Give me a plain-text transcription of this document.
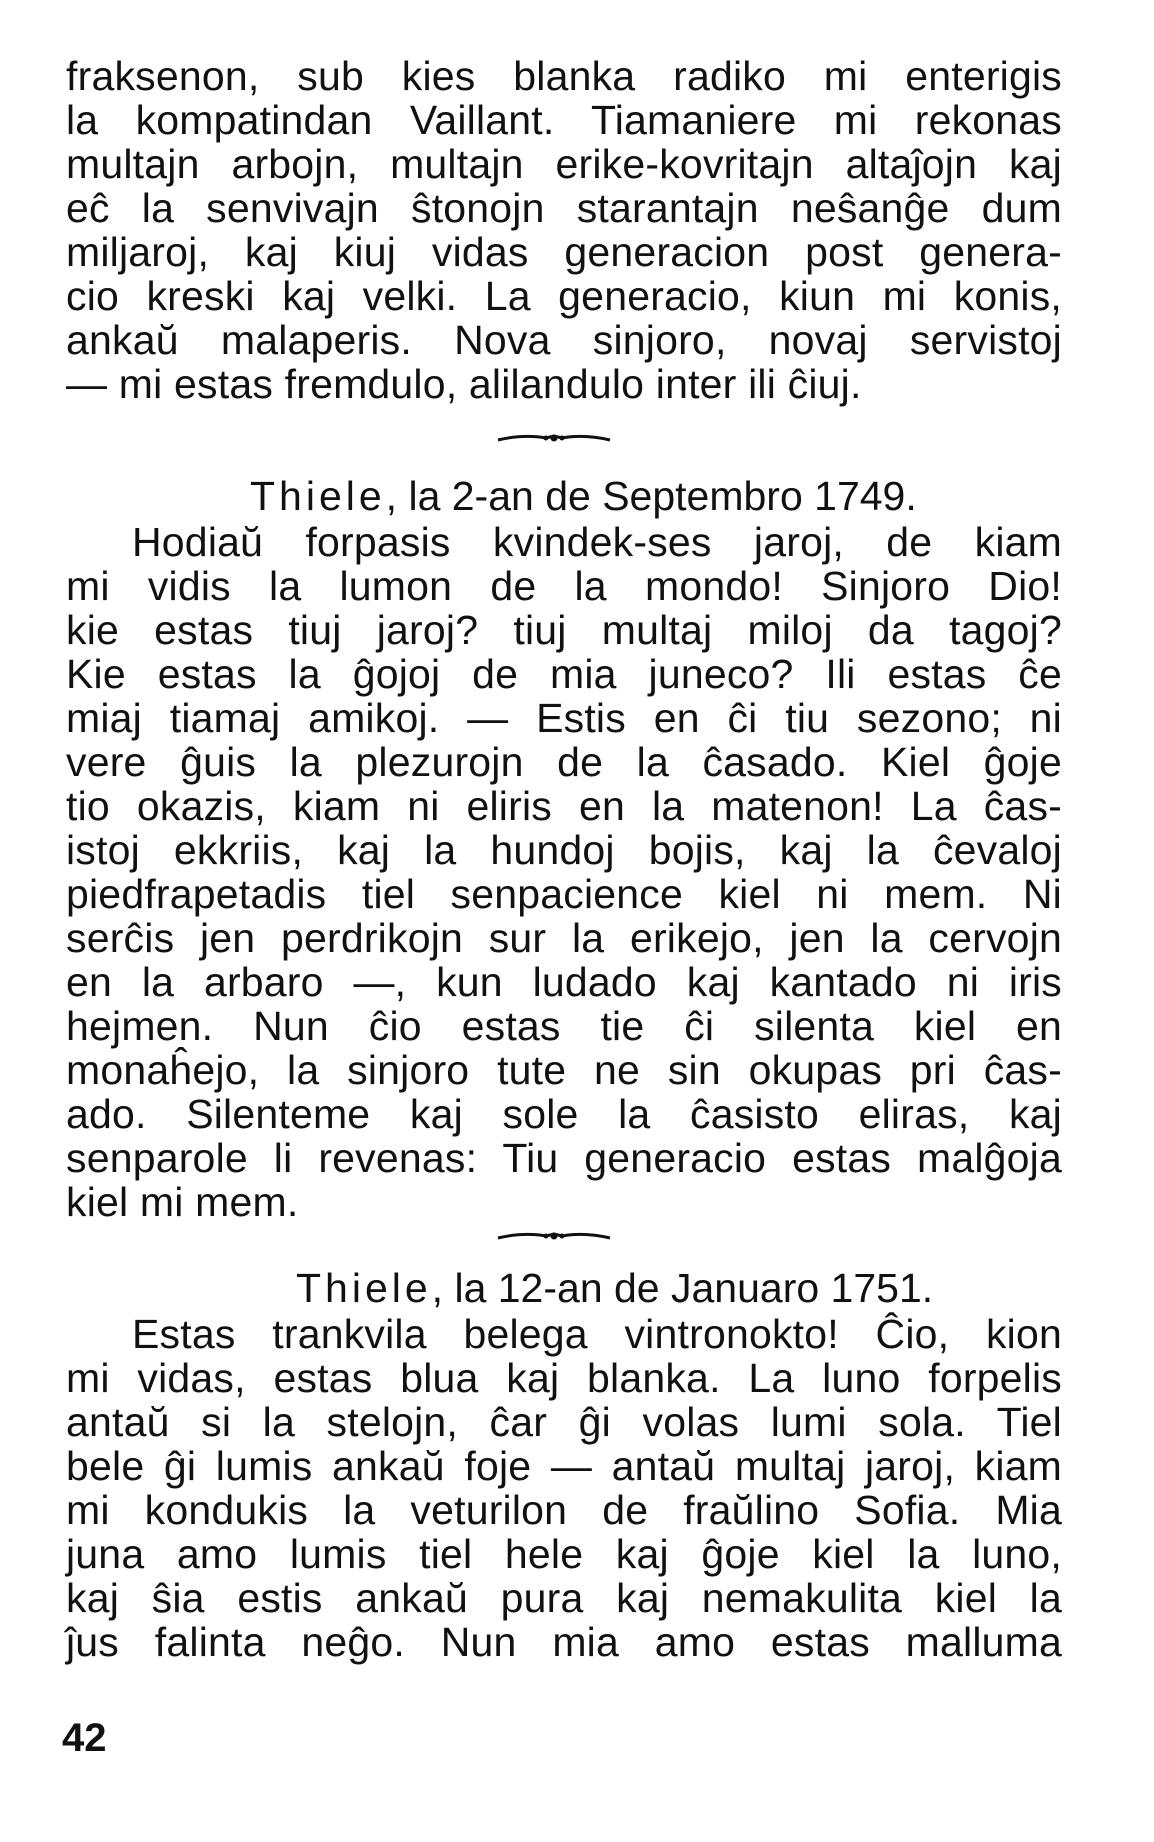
fraksenon, sub kies blanka radiko mi enterigis
la kompatindan Vaillant. Tiamaniere mi rekonas
multajn arbojn, multajn erike-kovritajn altaĵojn kaj
eĉ la senvivajn ŝtonojn starantajn neŝanĝe dum
miljaroj, kaj kiuj vidas generacion post genera-
cio kreski kaj velki. La generacio, kiun mi konis,
ankaŭ malaperis. Nova sinjoro, novaj servistoj
— mi estas fremdulo, alilandulo inter ili ĉiuj.
Thiele, la 2-an de Septembro 1749.
Hodiaŭ forpasis kvindek-ses jaroj, de kiam
mi vidis la lumon de la mondo! Sinjoro Dio!
kie estas tiuj jaroj? tiuj multaj miloj da tagoj?
Kie estas la ĝojoj de mia juneco? Ili estas ĉe
miaj tiamaj amikoj. — Estis en ĉi tiu sezono; ni
vere ĝuis la plezurojn de la ĉasado. Kiel ĝoje
tio okazis, kiam ni eliris en la matenon! La ĉas-
istoj ekkriis, kaj la hundoj bojis, kaj la ĉevaloj
piedfrapetadis tiel senpacience kiel ni mem. Ni
serĉis jen perdrikojn sur la erikejo, jen la cervojn
en la arbaro —, kun ludado kaj kantado ni iris
hejmen. Nun ĉio estas tie ĉi silenta kiel en
monaĥejo, la sinjoro tute ne sin okupas pri ĉas-
ado. Silenteme kaj sole la ĉasisto eliras, kaj
senparole li revenas: Tiu generacio estas malĝoja
kiel mi mem.
Thiele, la 12-an de Januaro 1751.
Estas trankvila belega vintronokto! Ĉio, kion
mi vidas, estas blua kaj blanka. La luno forpelis
antaŭ si la stelojn, ĉar ĝi volas lumi sola. Tiel
bele ĝi lumis ankaŭ foje — antaŭ multaj jaroj, kiam
mi kondukis la veturilon de fraŭlino Sofia. Mia
juna amo lumis tiel hele kaj ĝoje kiel la luno,
kaj ŝia estis ankaŭ pura kaj nemakulita kiel la
ĵus falinta neĝo. Nun mia amo estas malluma
42
